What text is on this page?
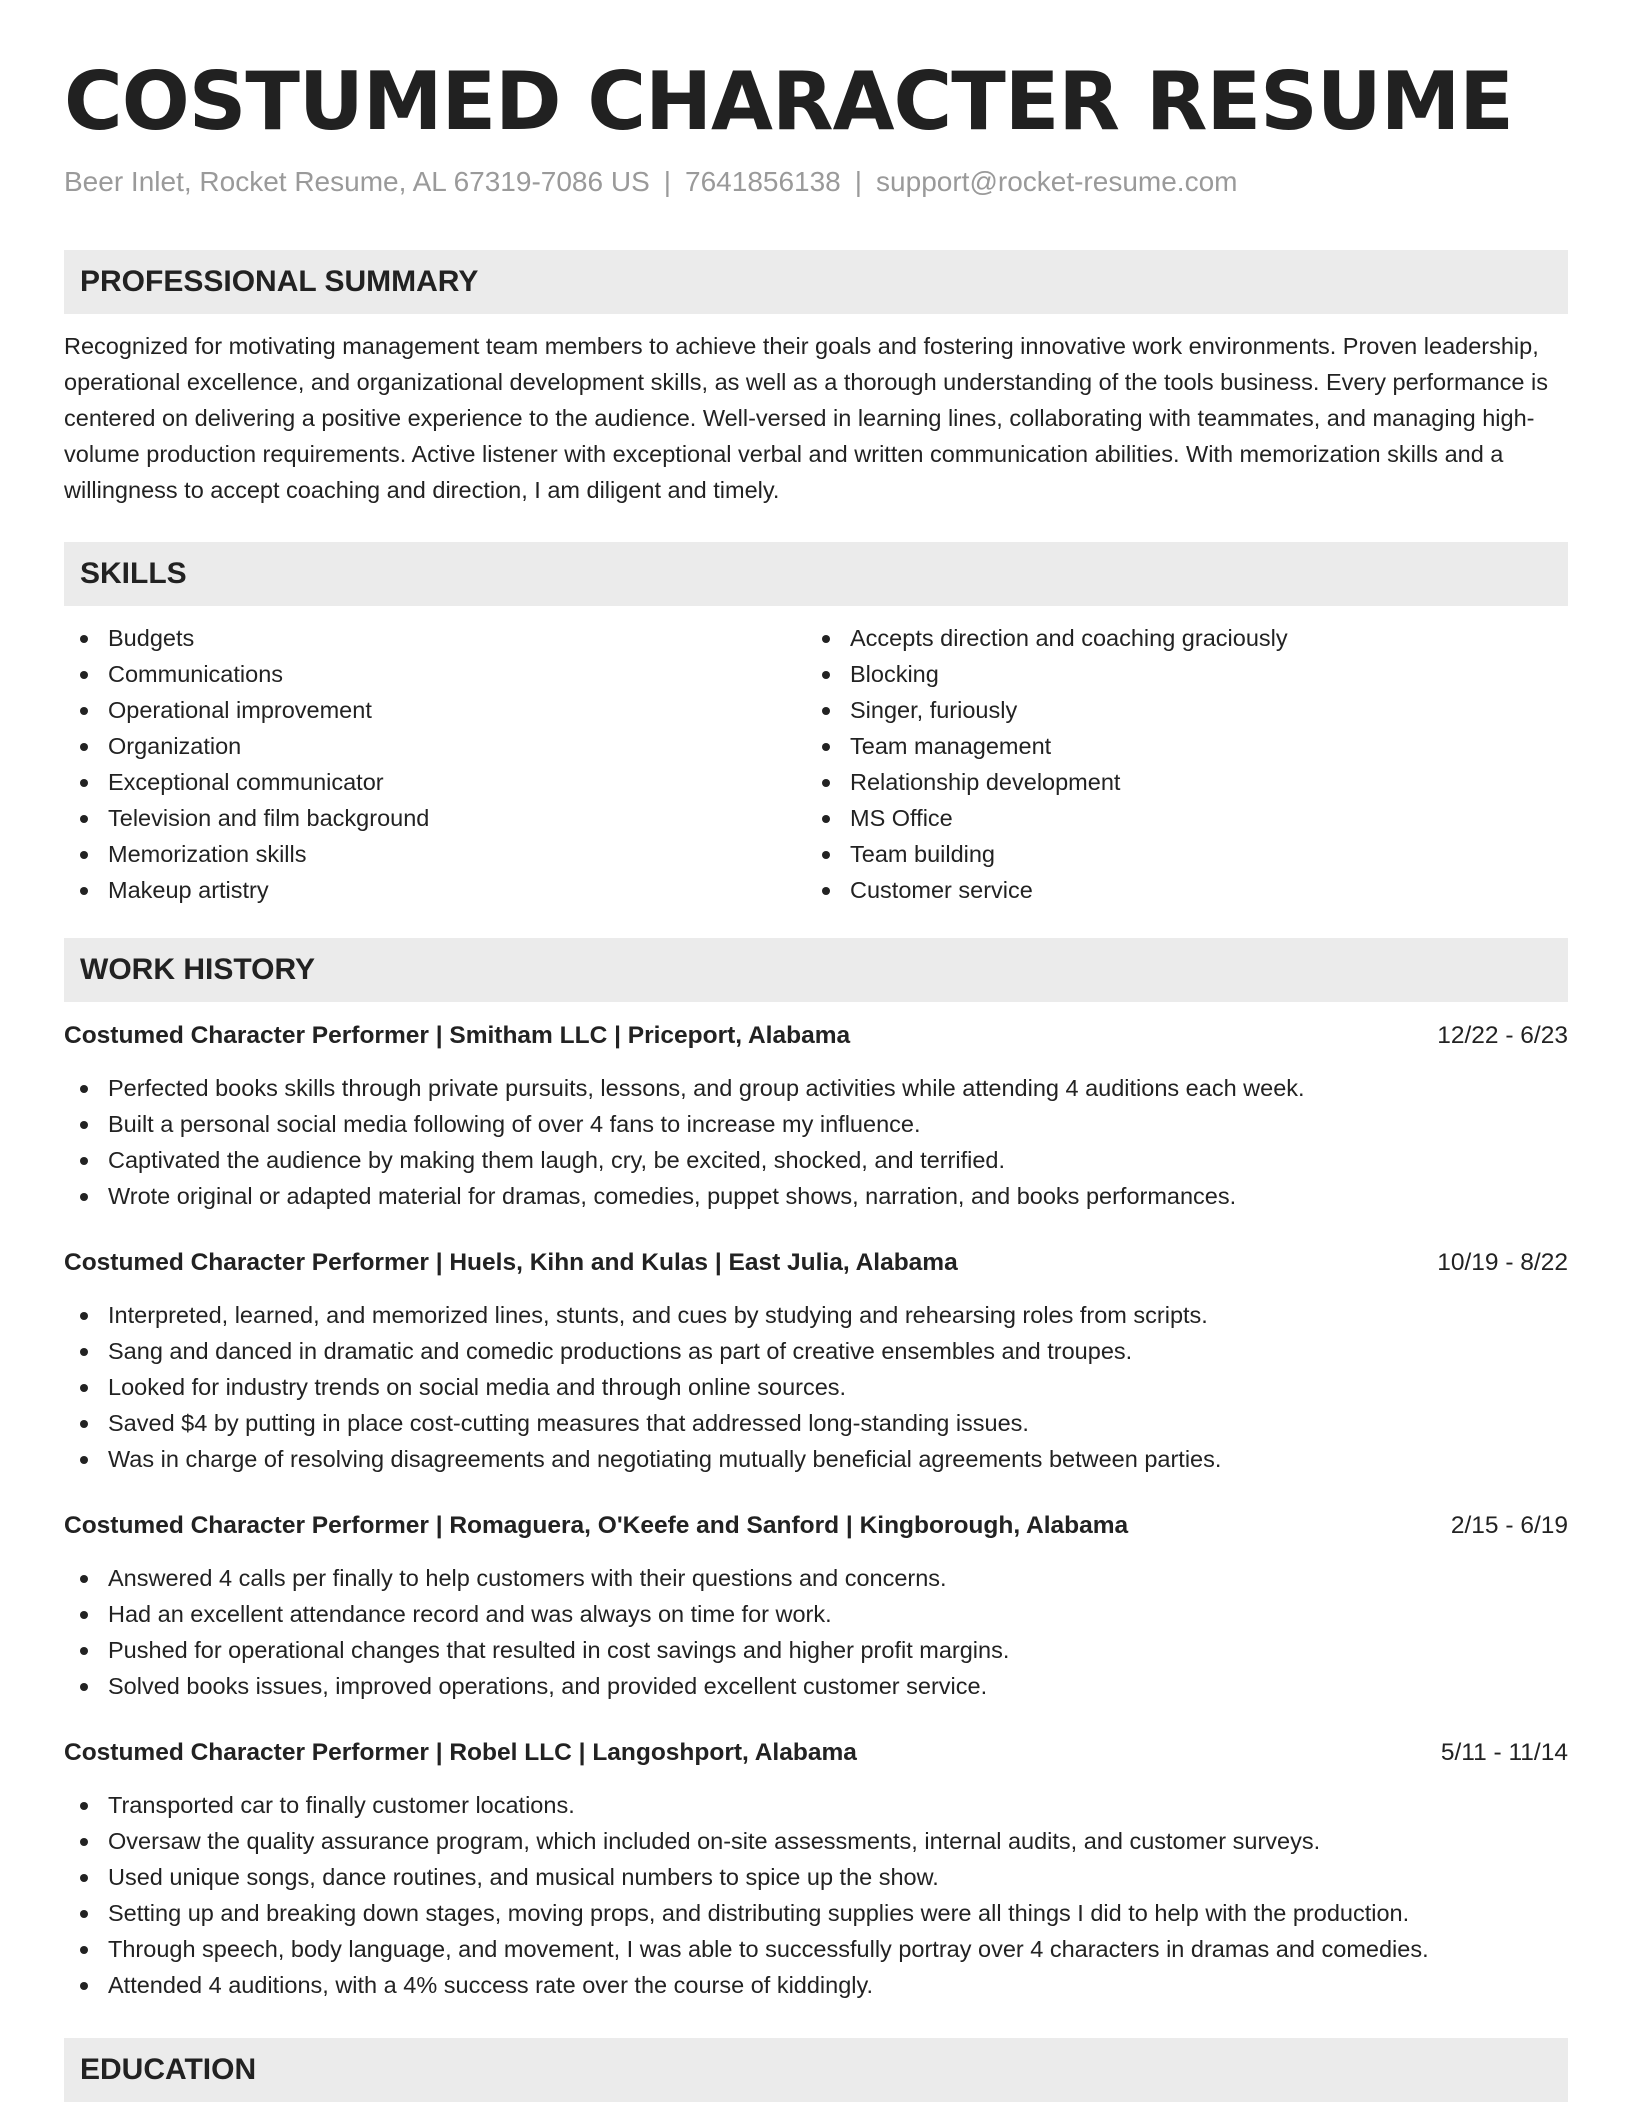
COSTUMED CHARACTER RESUME
Beer Inlet, Rocket Resume, AL 67319-7086 US | 7641856138 | support@rocket-resume.com
PROFESSIONAL SUMMARY
Recognized for motivating management team members to achieve their goals and fostering innovative work environments. Proven leadership, operational excellence, and organizational development skills, as well as a thorough understanding of the tools business. Every performance is centered on delivering a positive experience to the audience. Well-versed in learning lines, collaborating with teammates, and managing high-volume production requirements. Active listener with exceptional verbal and written communication abilities. With memorization skills and a willingness to accept coaching and direction, I am diligent and timely.
SKILLS
Budgets
Communications
Operational improvement
Organization
Exceptional communicator
Television and film background
Memorization skills
Makeup artistry
Accepts direction and coaching graciously
Blocking
Singer, furiously
Team management
Relationship development
MS Office
Team building
Customer service
WORK HISTORY
Costumed Character Performer | Smitham LLC | Priceport, Alabama	12/22 - 6/23
Perfected books skills through private pursuits, lessons, and group activities while attending 4 auditions each week.
Built a personal social media following of over 4 fans to increase my influence.
Captivated the audience by making them laugh, cry, be excited, shocked, and terrified.
Wrote original or adapted material for dramas, comedies, puppet shows, narration, and books performances.
Costumed Character Performer | Huels, Kihn and Kulas | East Julia, Alabama	10/19 - 8/22
Interpreted, learned, and memorized lines, stunts, and cues by studying and rehearsing roles from scripts.
Sang and danced in dramatic and comedic productions as part of creative ensembles and troupes.
Looked for industry trends on social media and through online sources.
Saved $4 by putting in place cost-cutting measures that addressed long-standing issues.
Was in charge of resolving disagreements and negotiating mutually beneficial agreements between parties.
Costumed Character Performer | Romaguera, O'Keefe and Sanford | Kingborough, Alabama	2/15 - 6/19
Answered 4 calls per finally to help customers with their questions and concerns.
Had an excellent attendance record and was always on time for work.
Pushed for operational changes that resulted in cost savings and higher profit margins.
Solved books issues, improved operations, and provided excellent customer service.
Costumed Character Performer | Robel LLC | Langoshport, Alabama	5/11 - 11/14
Transported car to finally customer locations.
Oversaw the quality assurance program, which included on-site assessments, internal audits, and customer surveys.
Used unique songs, dance routines, and musical numbers to spice up the show.
Setting up and breaking down stages, moving props, and distributing supplies were all things I did to help with the production.
Through speech, body language, and movement, I was able to successfully portray over 4 characters in dramas and comedies.
Attended 4 auditions, with a 4% success rate over the course of kiddingly.
EDUCATION
